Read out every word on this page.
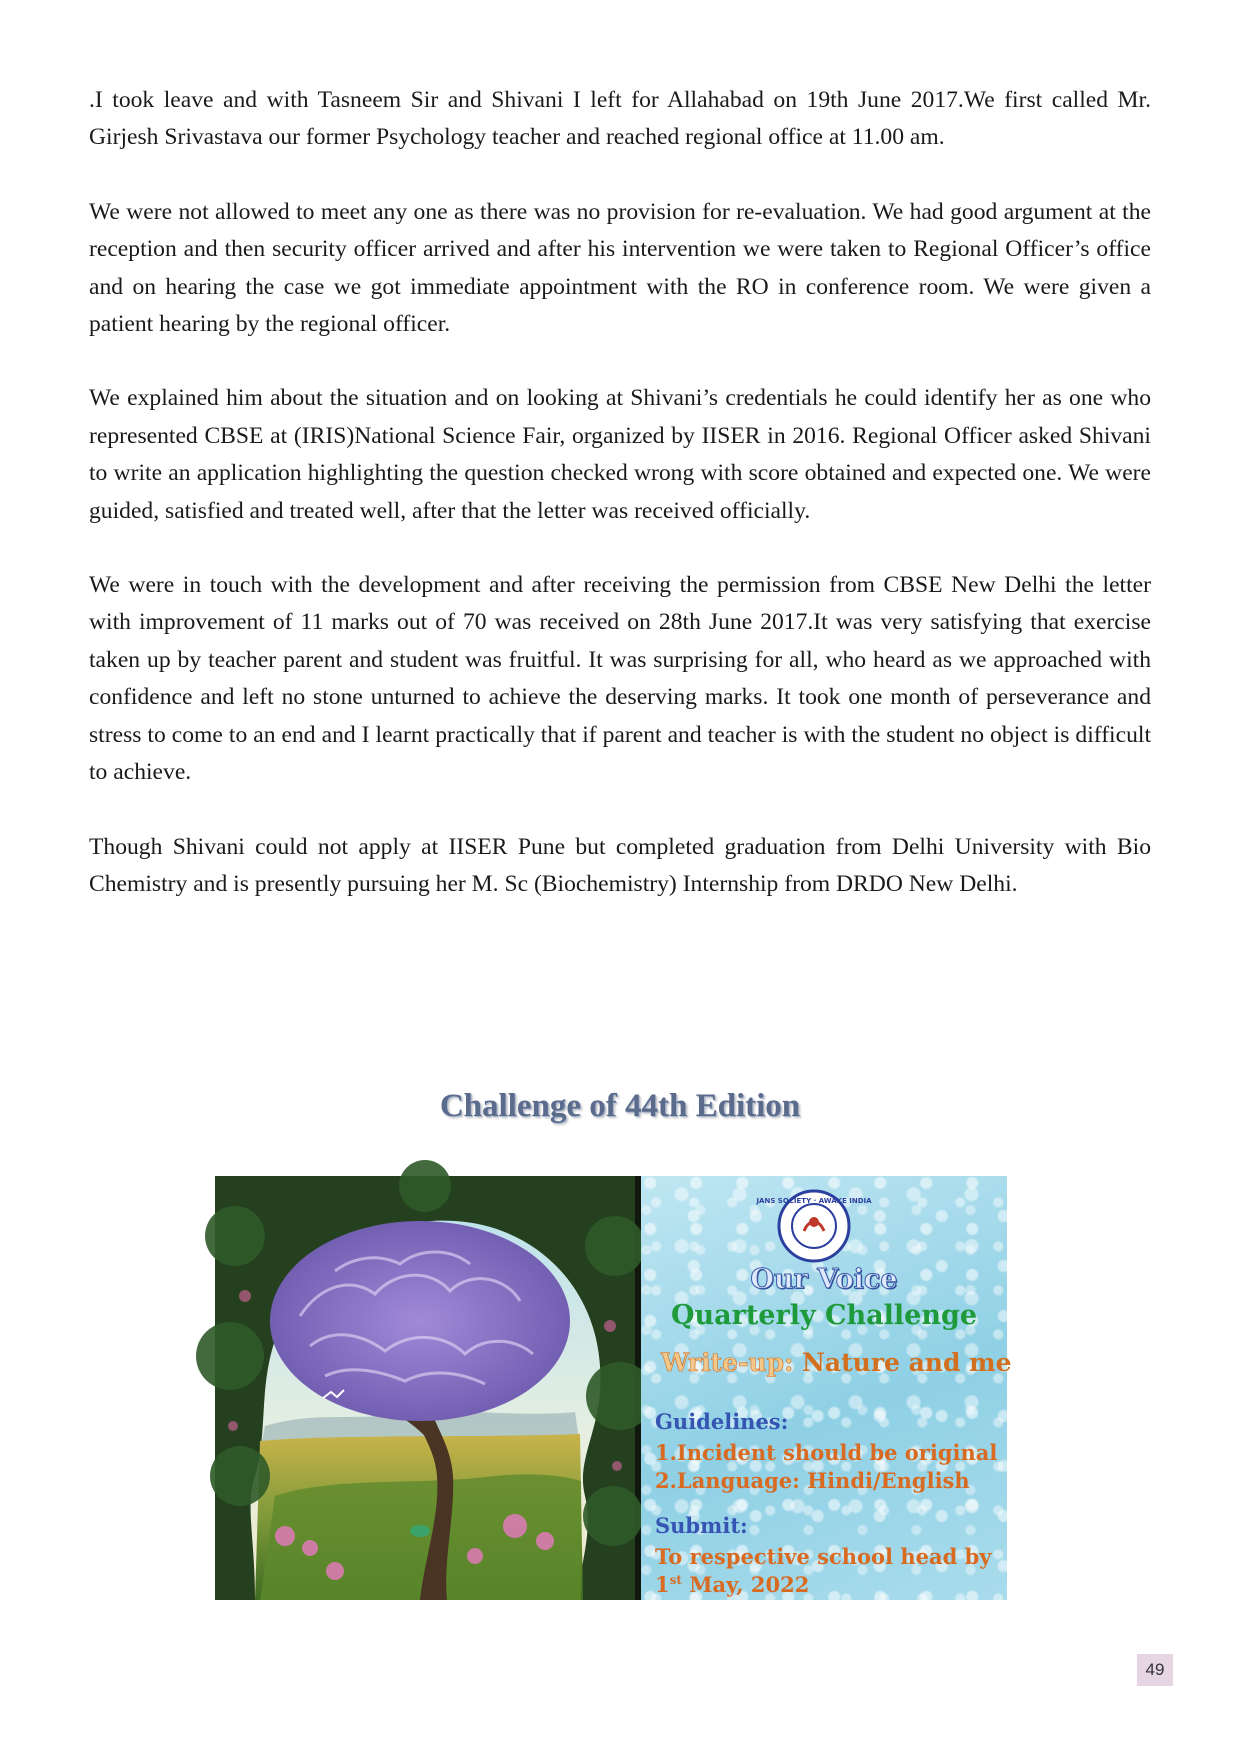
.I took leave and with Tasneem Sir and Shivani I left for Allahabad on 19th June 2017.We first called Mr. Girjesh Srivastava our former Psychology teacher and reached regional office at 11.00 am.

We were not allowed to meet any one as there was no provision for re-evaluation. We had good argument at the reception and then security officer arrived and after his intervention we were taken to Regional Officer’s office and on hearing the case we got immediate appointment with the RO in conference room. We were given a patient hearing by the regional officer.

We explained him about the situation and on looking at Shivani’s credentials he could identify her as one who represented CBSE at (IRIS)National Science Fair, organized by IISER in 2016. Regional Officer asked Shivani to write an application highlighting the question checked wrong with score obtained and expected one. We were guided, satisfied and treated well, after that the letter was received officially.

We were in touch with the development and after receiving the permission from CBSE New Delhi the letter with improvement of 11 marks out of 70 was received on 28th June 2017.It was very satisfying that exercise taken up by teacher parent and student was fruitful. It was surprising for all, who heard as we approached with confidence and left no stone unturned to achieve the deserving marks. It took one month of perseverance and stress to come to an end and I learnt practically that if parent and teacher is with the student no object is difficult to achieve.

Though Shivani could not apply at IISER Pune but completed graduation from Delhi University with Bio Chemistry and is presently pursuing her M. Sc (Biochemistry) Internship from DRDO New Delhi.

Challenge of 44th Edition
JANS SOCIETY · AWAKE INDIA
Our Voice
Quarterly Challenge
Write-up: Nature and me
Guidelines:
1.Incident should be original
2.Language: Hindi/English
Submit:
To respective school head by
1st May, 2022
49
